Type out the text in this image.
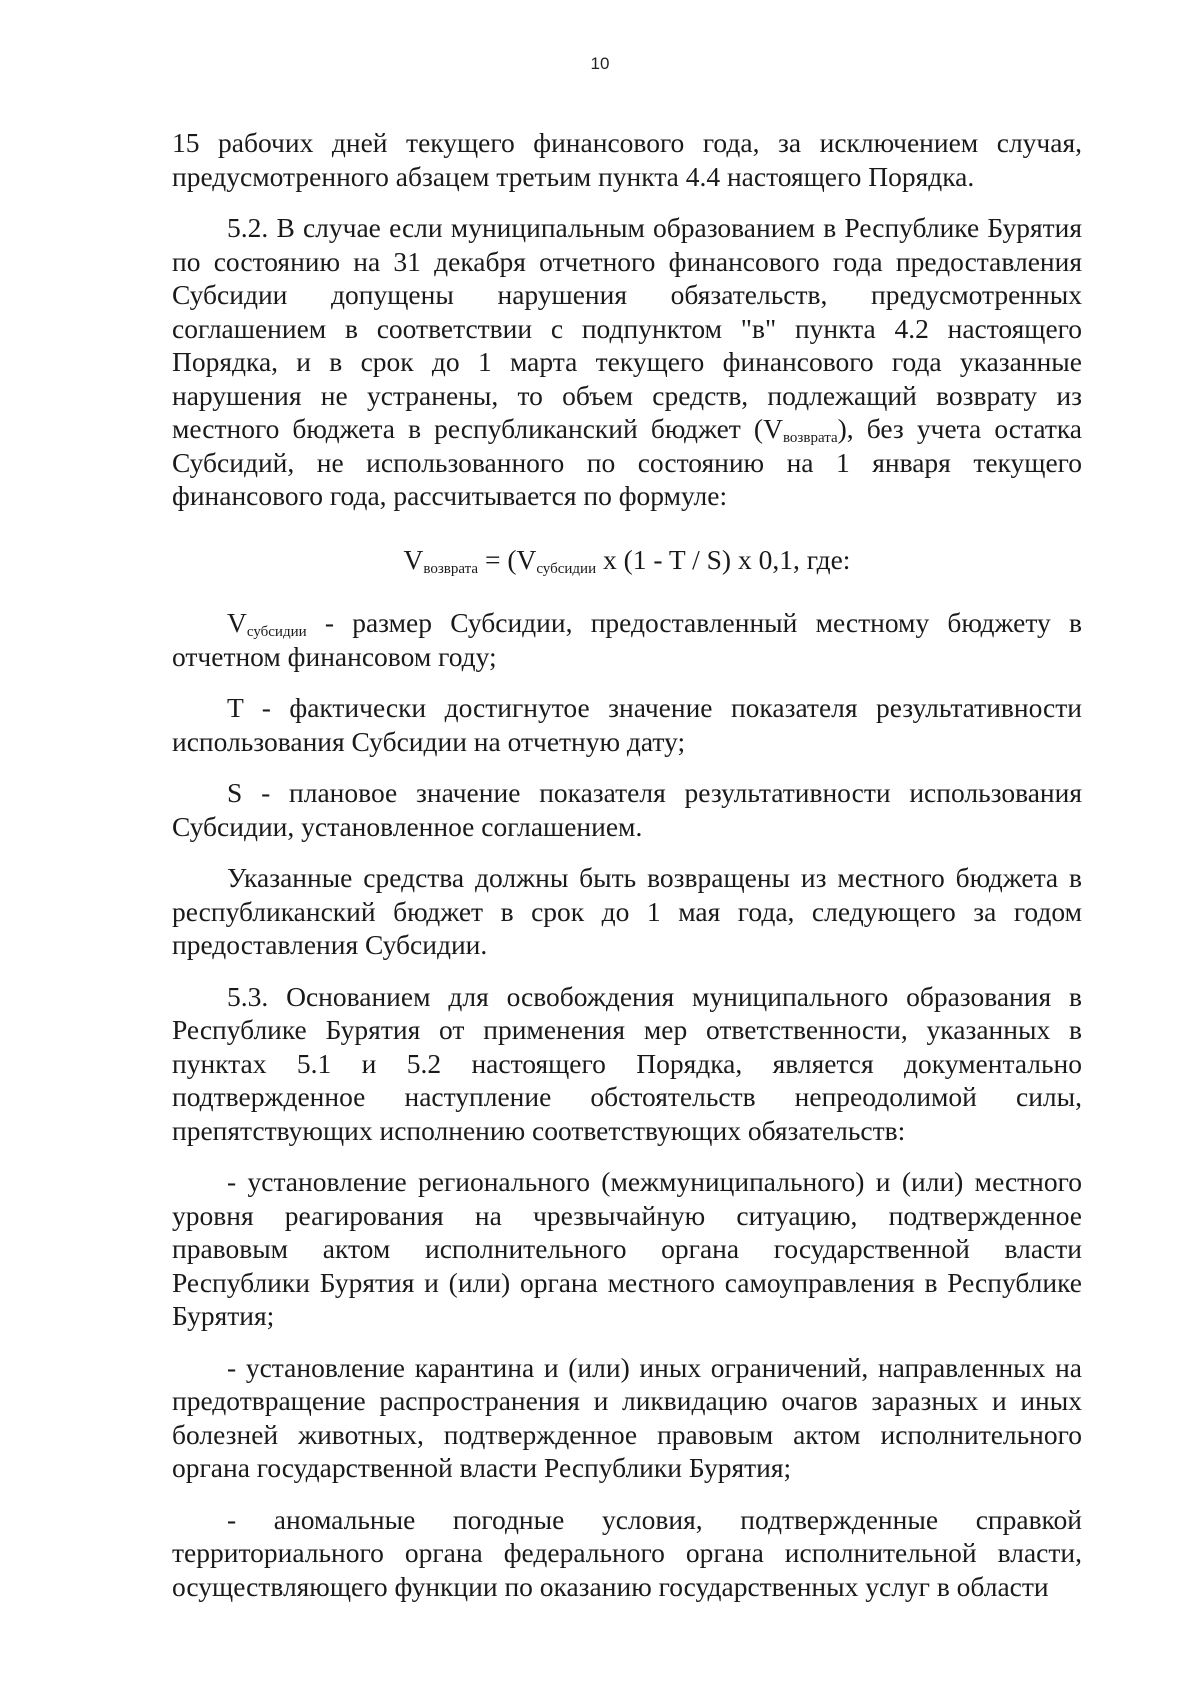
10

15 рабочих дней текущего финансового года, за исключением случая, предусмотренного абзацем третьим пункта 4.4 настоящего Порядка.

5.2. В случае если муниципальным образованием в Республике Бурятия по состоянию на 31 декабря отчетного финансового года предоставления Субсидии допущены нарушения обязательств, предусмотренных соглашением в соответствии с подпунктом "в" пункта 4.2 настоящего Порядка, и в срок до 1 марта текущего финансового года указанные нарушения не устранены, то объем средств, подлежащий возврату из местного бюджета в республиканский бюджет $(V_{возврата})$, без учета остатка Субсидий, не использованного по состоянию на 1 января текущего финансового года, рассчитывается по формуле:

$V_{возврата} = (V_{субсидии}$ x (1 - T / S) x 0,1, где:

$V_{субсидии}$ - размер Субсидии, предоставленный местному бюджету в отчетном финансовом году;

T - фактически достигнутое значение показателя результативности использования Субсидии на отчетную дату;

S - плановое значение показателя результативности использования Субсидии, установленное соглашением.

Указанные средства должны быть возвращены из местного бюджета в республиканский бюджет в срок до 1 мая года, следующего за годом предоставления Субсидии.

5.3. Основанием для освобождения муниципального образования в Республике Бурятия от применения мер ответственности, указанных в пунктах 5.1 и 5.2 настоящего Порядка, является документально подтвержденное наступление обстоятельств непреодолимой силы, препятствующих исполнению соответствующих обязательств:

- установление регионального (межмуниципального) и (или) местного уровня реагирования на чрезвычайную ситуацию, подтвержденное правовым актом исполнительного органа государственной власти Республики Бурятия и (или) органа местного самоуправления в Республике Бурятия;

- установление карантина и (или) иных ограничений, направленных на предотвращение распространения и ликвидацию очагов заразных и иных болезней животных, подтвержденное правовым актом исполнительного органа государственной власти Республики Бурятия;

- аномальные погодные условия, подтвержденные справкой территориального органа федерального органа исполнительной власти, осуществляющего функции по оказанию государственных услуг в области
